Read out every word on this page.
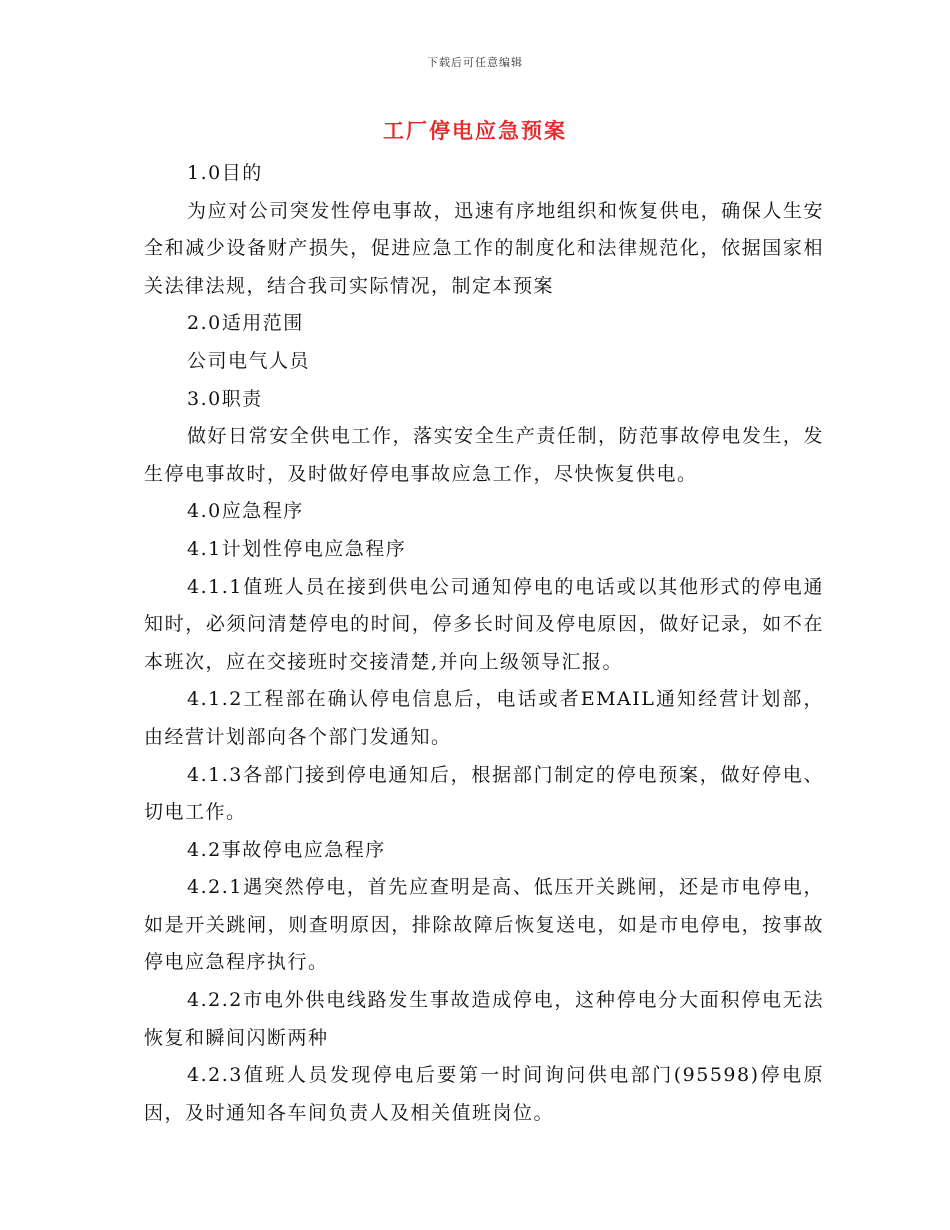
下载后可任意编辑
工厂停电应急预案

1.0目的

为应对公司突发性停电事故，迅速有序地组织和恢复供电，确保人生安全和减少设备财产损失，促进应急工作的制度化和法律规范化，依据国家相关法律法规，结合我司实际情况，制定本预案

2.0适用范围

公司电气人员

3.0职责

做好日常安全供电工作，落实安全生产责任制，防范事故停电发生，发生停电事故时，及时做好停电事故应急工作，尽快恢复供电。

4.0应急程序

4.1计划性停电应急程序

4.1.1值班人员在接到供电公司通知停电的电话或以其他形式的停电通知时，必须问清楚停电的时间，停多长时间及停电原因，做好记录，如不在本班次，应在交接班时交接清楚,并向上级领导汇报。

4.1.2工程部在确认停电信息后，电话或者EMAIL通知经营计划部，由经营计划部向各个部门发通知。

4.1.3各部门接到停电通知后，根据部门制定的停电预案，做好停电、切电工作。

4.2事故停电应急程序

4.2.1遇突然停电，首先应查明是高、低压开关跳闸，还是市电停电，如是开关跳闸，则查明原因，排除故障后恢复送电，如是市电停电，按事故停电应急程序执行。

4.2.2市电外供电线路发生事故造成停电，这种停电分大面积停电无法恢复和瞬间闪断两种

4.2.3值班人员发现停电后要第一时间询问供电部门(95598)停电原因，及时通知各车间负责人及相关值班岗位。
